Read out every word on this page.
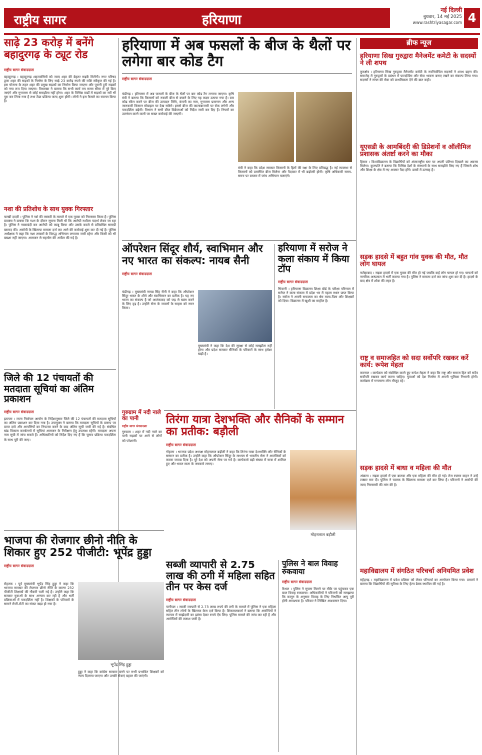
राष्ट्रीय सागर	हरियाणा
नई दिल्ली
बुधवार, 14 मई 2025
www.rashtriyasagar.com 4
साढ़े 23 करोड़ में बनेंगे बहादुरगढ़ के ट्यूट रोड
राष्ट्रीय सागर संवाददाता
बहादुरगढ़ । बहादुरगढ़ शहरवासियों को जल्द शहर की बेहतर सड़कें मिलेंगी। नगर परिषद द्वारा शहर की सड़कों के निर्माण के लिए साढ़े 23 करोड़ रुपये की राशि स्वीकृत की गई है। इस योजना के तहत शहर की प्रमुख सड़कों का निर्माण किया जाएगा और पुरानी टूटी सड़कों को नया रूप दिया जाएगा। विधायक ने बताया कि सभी कार्य तय समय सीमा में पूरे किए जाएंगे और गुणवत्ता से कोई समझौता नहीं होगा। शहर के विभिन्न वार्डों में सड़कों का सर्वे भी पूरा कर लिया गया है तथा टेंडर प्रक्रिया जल्द शुरू होगी। लोगों ने इस फैसले का स्वागत किया है।
नशा की प्रतिशोध के साथ युवक गिरफ्तार
चरखी दादरी । पुलिस ने नशे की तस्करी के मामले में एक युवक को गिरफ्तार किया है। पुलिस प्रवक्ता ने बताया कि गश्त के दौरान सूचना मिली थी कि आरोपी नशीला पदार्थ लेकर जा रहा है। पुलिस ने नाकाबंदी कर आरोपी को काबू किया और उसके कब्जे से प्रतिबंधित सामग्री बरामद की। आरोपी के खिलाफ मामला दर्ज कर आगे की कार्रवाई शुरू कर दी गई है। पुलिस अधीक्षक ने कहा कि नशा तस्करों के विरुद्ध अभियान लगातार जारी रहेगा और किसी को भी बख्शा नहीं जाएगा। आमजन से सहयोग की अपील की गई है।
जिले की 12 पंचायतों की मतदाता सूचियां का अंतिम प्रकाशन
राष्ट्रीय सागर संवाददाता
झज्जर । राज्य निर्वाचन आयोग के निर्देशानुसार जिले की 12 पंचायतों की मतदाता सूचियों का अंतिम प्रकाशन कर दिया गया है। उपायुक्त ने बताया कि मतदाता सूचियों के प्रारूप पर प्राप्त दावे और आपत्तियों का निपटारा करने के बाद अंतिम सूची जारी की गई है। संबंधित खंड विकास कार्यालयों में सूचियां आमजन के निरीक्षण हेतु उपलब्ध रहेंगी। मतदाता अपना नाम सूची में जांच सकते हैं। अधिकारियों को निर्देश दिए गए हैं कि चुनाव प्रक्रिया पारदर्शिता के साथ पूरी की जाए।
हरियाणा में अब फसलों के बीज के थैलों पर लगेगा बार कोड टैग
राष्ट्रीय सागर संवाददाता
चंडीगढ़ । हरियाणा में अब फसलों के बीज के थैलों पर बार कोड टैग लगाया जाएगा। कृषि मंत्री ने बताया कि किसानों को नकली बीज से बचाने के लिए यह कदम उठाया गया है। बार कोड स्कैन करने पर बीज की उत्पादन तिथि, कंपनी का नाम, गुणवत्ता प्रमाणन और अन्य जानकारी किसान मोबाइल पर देख सकेंगे। इससे बीज की कालाबाजारी पर रोक लगेगी और पारदर्शिता बढ़ेगी। विभाग ने सभी बीज विक्रेताओं को निर्देश जारी कर दिए हैं। नियमों का उल्लंघन करने वालों पर सख्त कार्रवाई की जाएगी।
मंत्री ने कहा कि प्रदेश सरकार किसानों के हितों की रक्षा के लिए प्रतिबद्ध है। नई व्यवस्था से किसानों को प्रमाणित बीज मिलेगा और पैदावार में भी बढ़ोतरी होगी। कृषि अधिकारी समय-समय पर बाजार में जांच अभियान चलाएंगे।
ऑपरेशन सिंदूर शौर्य, स्वाभिमान और नए भारत का संकल्प: नायब सैनी
राष्ट्रीय सागर संवाददाता
चंडीगढ़ । मुख्यमंत्री नायब सिंह सैनी ने कहा कि ऑपरेशन सिंदूर भारत के शौर्य और स्वाभिमान का प्रतीक है। यह नए भारत का संकल्प है जो आतंकवाद को जड़ से खत्म करने के लिए दृढ़ है। उन्होंने सेना के जवानों के साहस को नमन किया।
मुख्यमंत्री ने कहा कि देश की सुरक्षा से कोई समझौता नहीं होगा और प्रदेश सरकार सैनिकों के परिवारों के साथ हमेशा खड़ी है।
हरियाणा में सरोज ने कला संकाय में किया टॉप
राष्ट्रीय सागर संवाददाता
भिवानी । हरियाणा विद्यालय शिक्षा बोर्ड के परीक्षा परिणाम में सरोज ने कला संकाय में प्रदेश भर में पहला स्थान प्राप्त किया है। सरोज ने अपनी सफलता का श्रेय माता-पिता और शिक्षकों को दिया। विद्यालय में खुशी का माहौल है।
गुरुग्राम में नदी नाले का पानी
राष्ट्रीय सागर संवाददाता
गुरुग्राम । शहर में नदी नाले का पानी सड़कों पर आने से लोगों को परेशानी।
तिरंगा यात्रा देशभक्ति और सैनिकों के सम्मान का प्रतीक: बड़ौली
राष्ट्रीय सागर संवाददाता
गोहाना । भाजपा प्रदेश अध्यक्ष मोहनलाल बड़ौली ने कहा कि तिरंगा यात्रा देशभक्ति और सैनिकों के सम्मान का प्रतीक है। उन्होंने कहा कि ऑपरेशन सिंदूर के माध्यम से भारतीय सेना ने आतंकियों को करारा जवाब दिया है। पूरे देश को अपनी सेना पर गर्व है। कार्यकर्ता बड़ी संख्या में यात्रा में शामिल हुए और भारत माता के जयकारे लगाए।
मोहनलाल बड़ौली
सब्जी व्यापारी से 2.75 लाख की ठगी में महिला सहित तीन पर केस दर्ज
राष्ट्रीय सागर संवाददाता
पानीपत । सब्जी व्यापारी से 2.75 लाख रुपये की ठगी के मामले में पुलिस ने एक महिला सहित तीन लोगों के खिलाफ केस दर्ज किया है। शिकायतकर्ता ने बताया कि आरोपियों ने व्यापार में साझेदारी का झांसा देकर रुपये ऐंठ लिए। पुलिस मामले की जांच कर रही है और आरोपियों की तलाश जारी है।
पुलिस ने बाल विवाह रुकवाया
राष्ट्रीय सागर संवाददाता
कैथल । पुलिस ने सूचना मिलने पर मौके पर पहुंचकर एक बाल विवाह रुकवाया। अधिकारियों ने परिजनों को समझाया कि कानून के अनुसार विवाह के लिए निर्धारित आयु पूरी होनी आवश्यक है। परिवार ने लिखित आश्वासन दिया।
भाजपा की रोजगार छीनो नीति के शिकार हुए 252 पीजीटी: भूपेंद्र हुड्डा
राष्ट्रीय सागर संवाददाता
रोहतक । पूर्व मुख्यमंत्री भूपेंद्र सिंह हुड्डा ने कहा कि भाजपा सरकार की रोजगार छीनो नीति के कारण 252 पीजीटी शिक्षकों की नौकरी चली गई है। उन्होंने कहा कि सरकार युवाओं के साथ अन्याय कर रही है और भर्ती प्रक्रियाओं में पारदर्शिता नहीं है। शिक्षकों के परिवारों के सामने रोजी-रोटी का संकट खड़ा हो गया है।
भूपेंद्र सिंह हुड्डा
हुड्डा ने कहा कि कांग्रेस सरकार बनने पर सभी प्रभावित शिक्षकों को न्याय दिलाया जाएगा और उनकी सेवाएं बहाल की जाएंगी।
ब्रीफ न्यूज
हरियाणा सिख गुरुद्वारा मैनेजमेंट कमेटी के सदस्यों ने ली शपथ
कुरुक्षेत्र । हरियाणा सिख गुरुद्वारा मैनेजमेंट कमेटी के नवनिर्वाचित सदस्यों ने शपथ ग्रहण की। समारोह में गुरुद्वारों के प्रबंधन में पारदर्शिता और सेवा भावना बनाए रखने का संकल्प लिया गया। सदस्यों ने संगत की सेवा को प्राथमिकता देने की बात कही।
यूएसडी के आमबिंदरी की डिप्रेशनों व ऑलीमिल प्रशासक अंतर्ष्टा करने का मौका
हिसार । विश्वविद्यालय के विद्यार्थियों को अंतरराष्ट्रीय स्तर पर अपनी प्रतिभा दिखाने का अवसर मिलेगा। कुलपति ने बताया कि विभिन्न देशों के संस्थानों के साथ समझौते किए गए हैं जिससे शोध और शिक्षा के क्षेत्र में नए अवसर पैदा होंगे। छात्रों में उत्साह है।
सड़क हादसे में बहुत गांव युवक की मौत, मौत लोग घायल
फतेहाबाद । सड़क हादसे में एक युवक की मौत हो गई जबकि कई लोग घायल हो गए। घायलों को नागरिक अस्पताल में भर्ती कराया गया है। पुलिस ने मामला दर्ज कर जांच शुरू कर दी है। हादसे के बाद क्षेत्र में शोक की लहर है।
राष्ट्र व समाजहित को सदा सर्वोपरि रखकर करें कार्य: रूपेश मेहता
करनाल । कार्यक्रम को संबोधित करते हुए रूपेश मेहता ने कहा कि राष्ट्र और समाज हित को सदैव सर्वोपरि रखकर कार्य करना चाहिए। युवाओं को देश निर्माण में अपनी भूमिका निभानी होगी। कार्यक्रम में गणमान्य लोग मौजूद रहे।
सड़क हादसे में बाधा व महिला की मौत
अंबाला । सड़क हादसे में एक बालक और एक महिला की मौत हो गई। तेज रफ्तार वाहन ने उन्हें टक्कर मार दी। पुलिस ने चालक के खिलाफ मामला दर्ज कर लिया है। परिजनों ने आरोपी की जल्द गिरफ्तारी की मांग की है।
महाविद्यालय में संगठित परिचर्चा अनियमित प्रवेश
महेंद्रगढ़ । महाविद्यालय में प्रवेश प्रक्रिया को लेकर परिचर्चा का आयोजन किया गया। प्राचार्य ने बताया कि विद्यार्थियों की सुविधा के लिए हेल्प डेस्क स्थापित की गई है।
